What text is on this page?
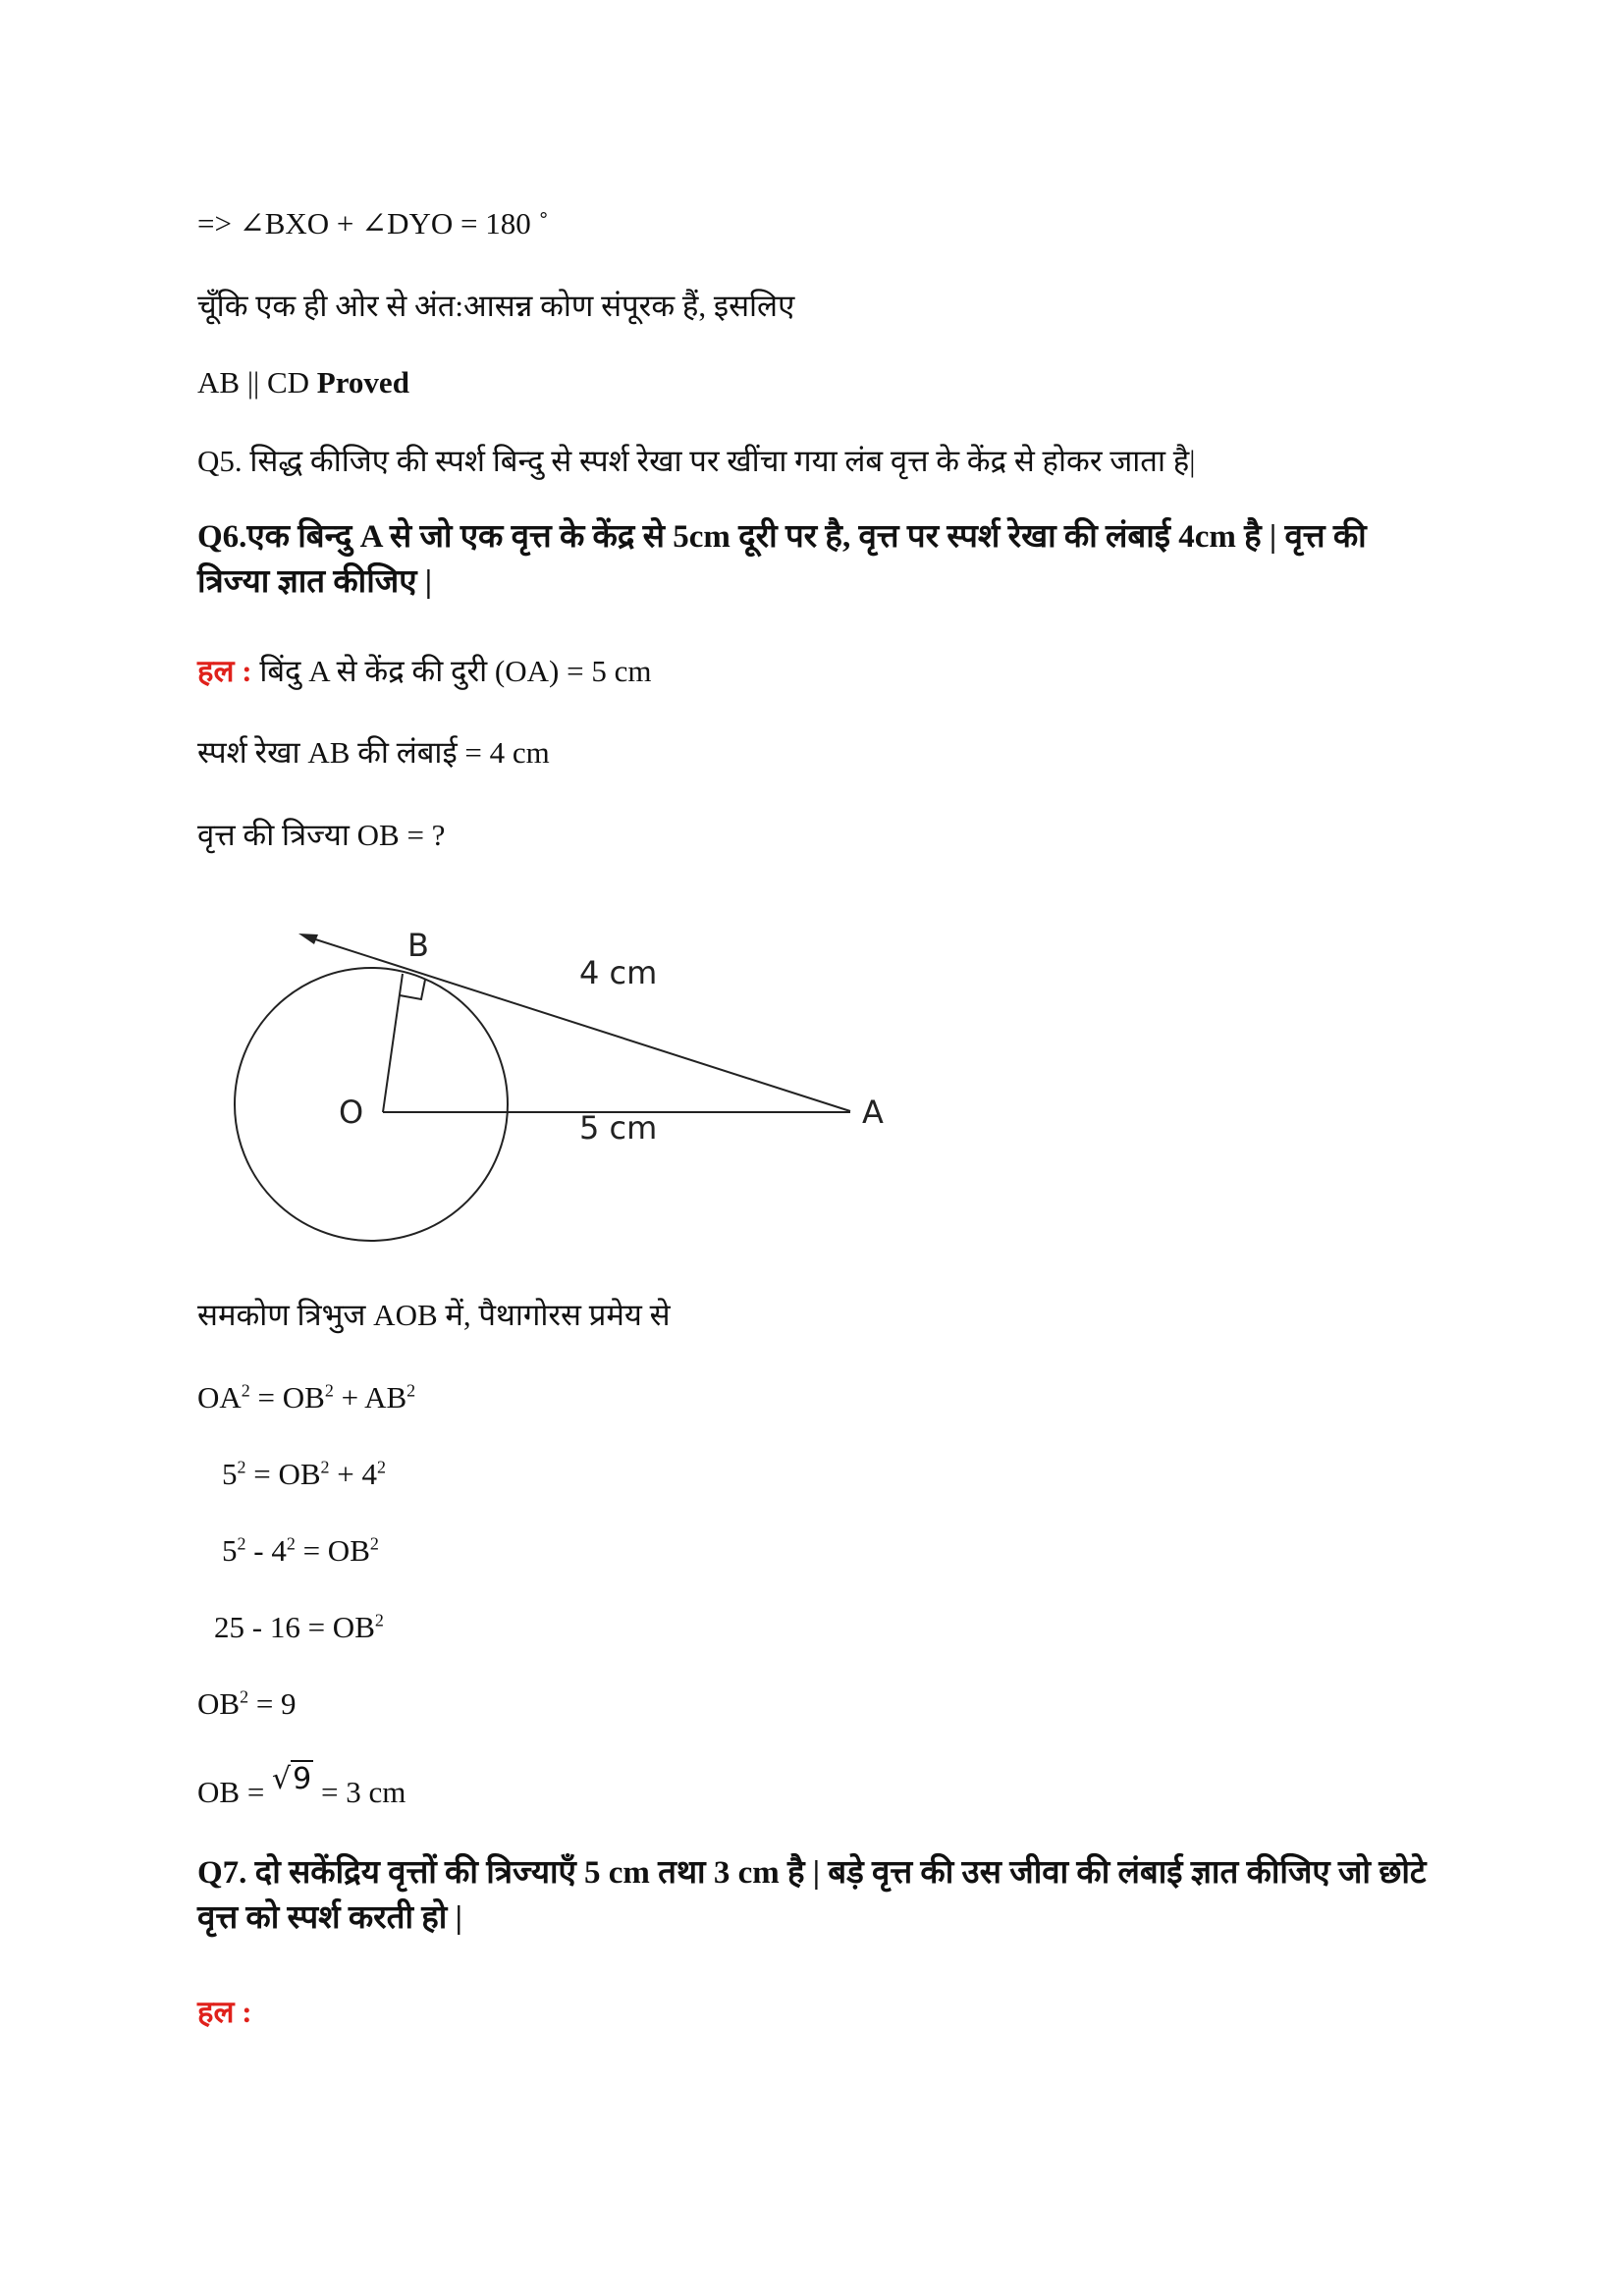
=> ∠BXO + ∠DYO = 180 ˚
चूँकि एक ही ओर से अंत:आसन्न कोण संपूरक हैं, इसलिए
AB || CD Proved
Q5. सिद्ध कीजिए की स्पर्श बिन्दु से स्पर्श रेखा पर खींचा गया लंब वृत्त के केंद्र से होकर जाता है|
Q6.एक बिन्दु A से जो एक वृत्त के केंद्र से 5cm दूरी पर है, वृत्त पर स्पर्श रेखा की लंबाई 4cm है | वृत्त की त्रिज्या ज्ञात कीजिए |
हल : बिंदु A से केंद्र की दुरी (OA) = 5 cm
स्पर्श रेखा AB की लंबाई = 4 cm
वृत्त की त्रिज्या OB = ?
B
O	A
4 cm
5 cm
समकोण त्रिभुज AOB में, पैथागोरस प्रमेय से
$OA^2 = OB^2 + AB^2$
$5^2 = OB^2 + 4^2$
$5^2 - 4^2 = OB^2$
$25 - 16 = OB^2$
$OB^2 = 9$
OB = √9 = 3 cm
Q7. दो सकेंद्रिय वृत्तों की त्रिज्याएँ 5 cm तथा 3 cm है | बड़े वृत्त की उस जीवा की लंबाई ज्ञात कीजिए जो छोटे वृत्त को स्पर्श करती हो |
हल :
